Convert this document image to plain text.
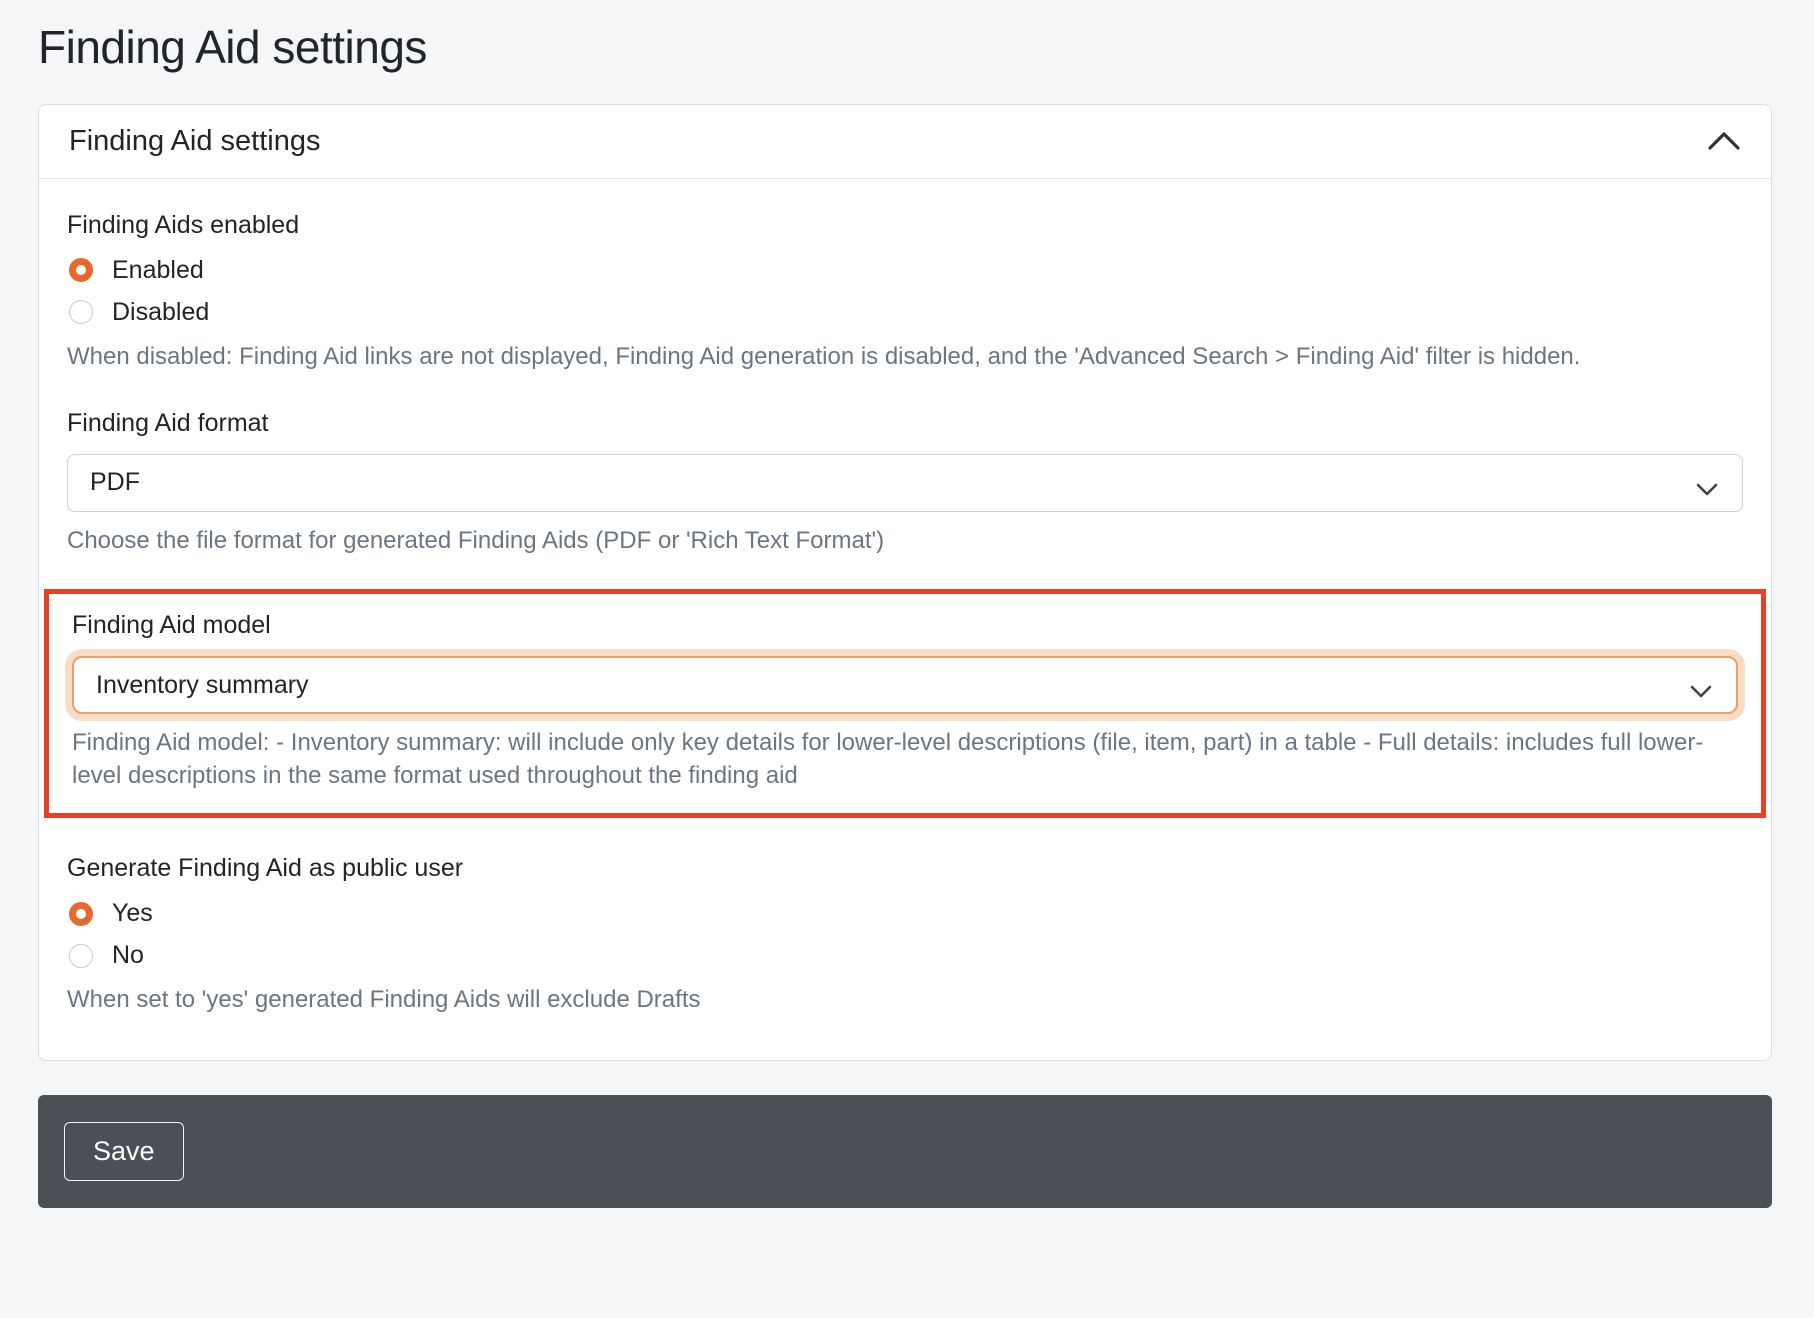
Finding Aid settings
Finding Aid settings
Finding Aids enabled
Enabled
Disabled
When disabled: Finding Aid links are not displayed, Finding Aid generation is disabled, and the 'Advanced Search > Finding Aid' filter is hidden.
Finding Aid format
PDF
Choose the file format for generated Finding Aids (PDF or 'Rich Text Format')
Finding Aid model
Inventory summary
Finding Aid model: - Inventory summary: will include only key details for lower-level descriptions (file, item, part) in a table - Full details: includes full lower-level descriptions in the same format used throughout the finding aid
Generate Finding Aid as public user
Yes
No
When set to 'yes' generated Finding Aids will exclude Drafts
Save
